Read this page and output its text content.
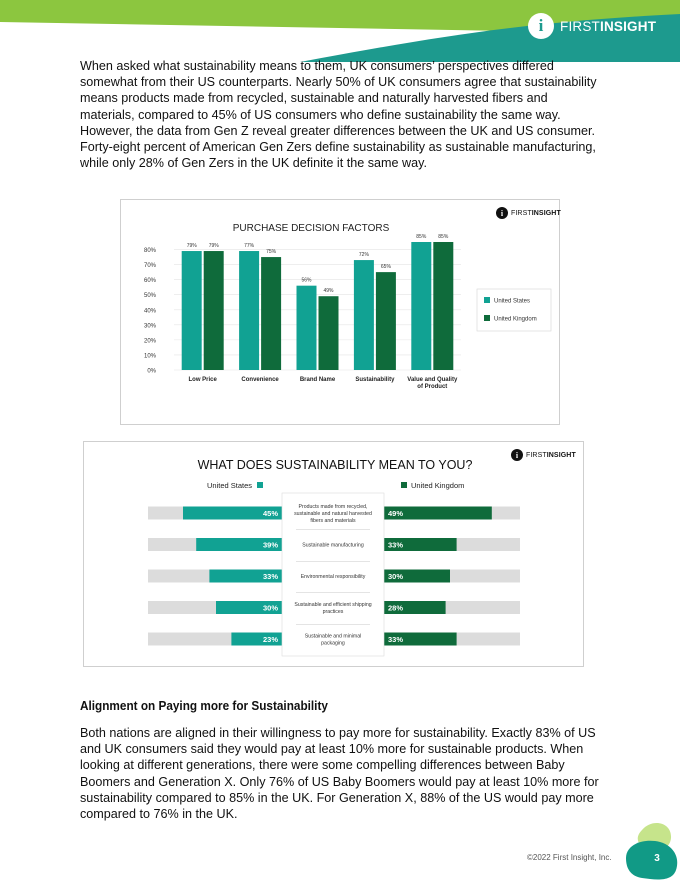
i FIRSTINSIGHT

When asked what sustainability means to them, UK consumers’ perspectives differed somewhat from their US counterparts. Nearly 50% of UK consumers agree that sustainability means products made from recycled, sustainable and naturally harvested fibers and materials, compared to 45% of US consumers who define sustainability the same way. However, the data from Gen Z reveal greater differences between the UK and US consumer. Forty-eight percent of American Gen Zers define sustainability as sustainable manufacturing, while only 28% of Gen Zers in the UK definite it the same way.

i FIRSTINSIGHT
PURCHASE DECISION FACTORS
0%
10%
20%
30%
40%
50%
60%
70%
80%
79% 79%
Low Price
77%
75%
Convenience
56%
49%
Brand Name
72%
65%
Sustainability
85% 85%
Value and Quality
of Product
United States
United Kingdom
i FIRSTINSIGHT
WHAT DOES SUSTAINABILITY MEAN TO YOU?
United States	United Kingdom
45%	49%
39%	33%
33%	30%
30%	28%
23%	33%
Products made from recycled,
sustainable and natural harvested
fibers and materials
Sustainable manufacturing
Environmental responsibility
Sustainable and efficient shipping
practices
Sustainable and minimal
packaging
Alignment on Paying more for Sustainability

Both nations are aligned in their willingness to pay more for sustainability. Exactly 83% of US and UK consumers said they would pay at least 10% more for sustainable products. When looking at different generations, there were some compelling differences between Baby Boomers and Generation X. Only 76% of US Baby Boomers would pay at least 10% more for sustainability compared to 85% in the UK. For Generation X, 88% of the US would pay more compared to 76% in the UK.

©2022 First Insight, Inc.	3
